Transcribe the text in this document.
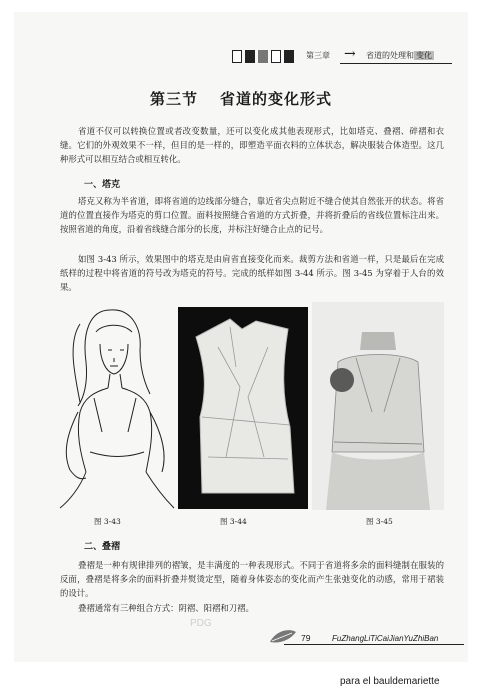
第三章 → 省道的处理和 变化
第三节 省道的变化形式
省道不仅可以转换位置或者改变数量，还可以变化成其他表现形式，比如塔克、叠褶、碎褶和衣缝。它们的外观效果不一样，但目的是一样的，即塑造平面衣料的立体状态，解决服装合体造型。这几种形式可以相互结合或相互转化。
一、塔克
塔克又称为半省道，即将省道的边线部分缝合，靠近省尖点附近不缝合使其自然张开的状态。将省道的位置直接作为塔克的剪口位置。面料按照缝合省道的方式折叠，并将折叠后的省线位置标注出来。按照省道的角度，沿着省线缝合部分的长度，并标注好缝合止点的记号。
如图 3-43 所示，效果图中的塔克是由肩省直接变化而来。裁剪方法和省道一样，只是最后在完成纸样的过程中将省道的符号改为塔克的符号。完成的纸样如图 3-44 所示。图 3-45 为穿着于人台的效果。
图 3-43	图 3-44	图 3-45
二、叠褶
叠褶是一种有规律排列的褶皱，是丰满度的一种表现形式。不同于省道将多余的面料缝制在服装的反面，叠褶是将多余的面料折叠并熨烫定型，随着身体姿态的变化而产生张弛变化的动感，常用于裙装的设计。
叠褶通常有三种组合方式：阴褶、阳褶和刀褶。
79	FuZhangLiTiCaiJianYuZhiBan
PDG
para el bauldemariette
